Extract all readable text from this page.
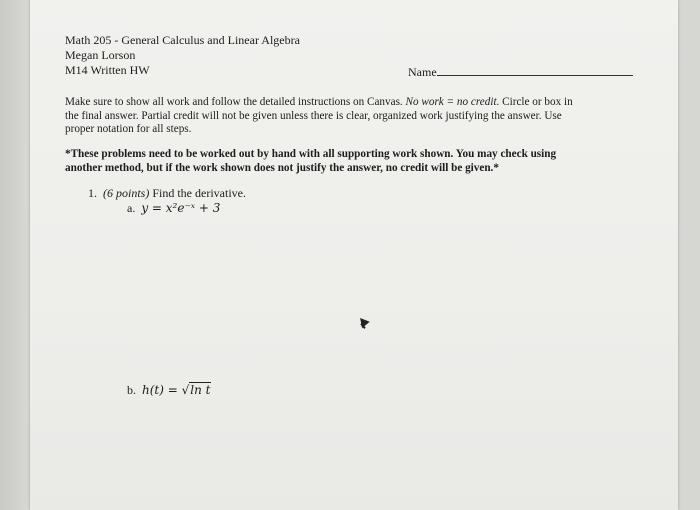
Math 205 - General Calculus and Linear Algebra
Megan Lorson
M14 Written HW	Name
Make sure to show all work and follow the detailed instructions on Canvas. No work = no credit. Circle or box in
the final answer. Partial credit will not be given unless there is clear, organized work justifying the answer. Use
proper notation for all steps.
*These problems need to be worked out by hand with all supporting work shown. You may check using
another method, but if the work shown does not justify the answer, no credit will be given.*
1. (6 points) Find the derivative.
a. y = x²e⁻ˣ + 3
b. h(t) = √ln t
